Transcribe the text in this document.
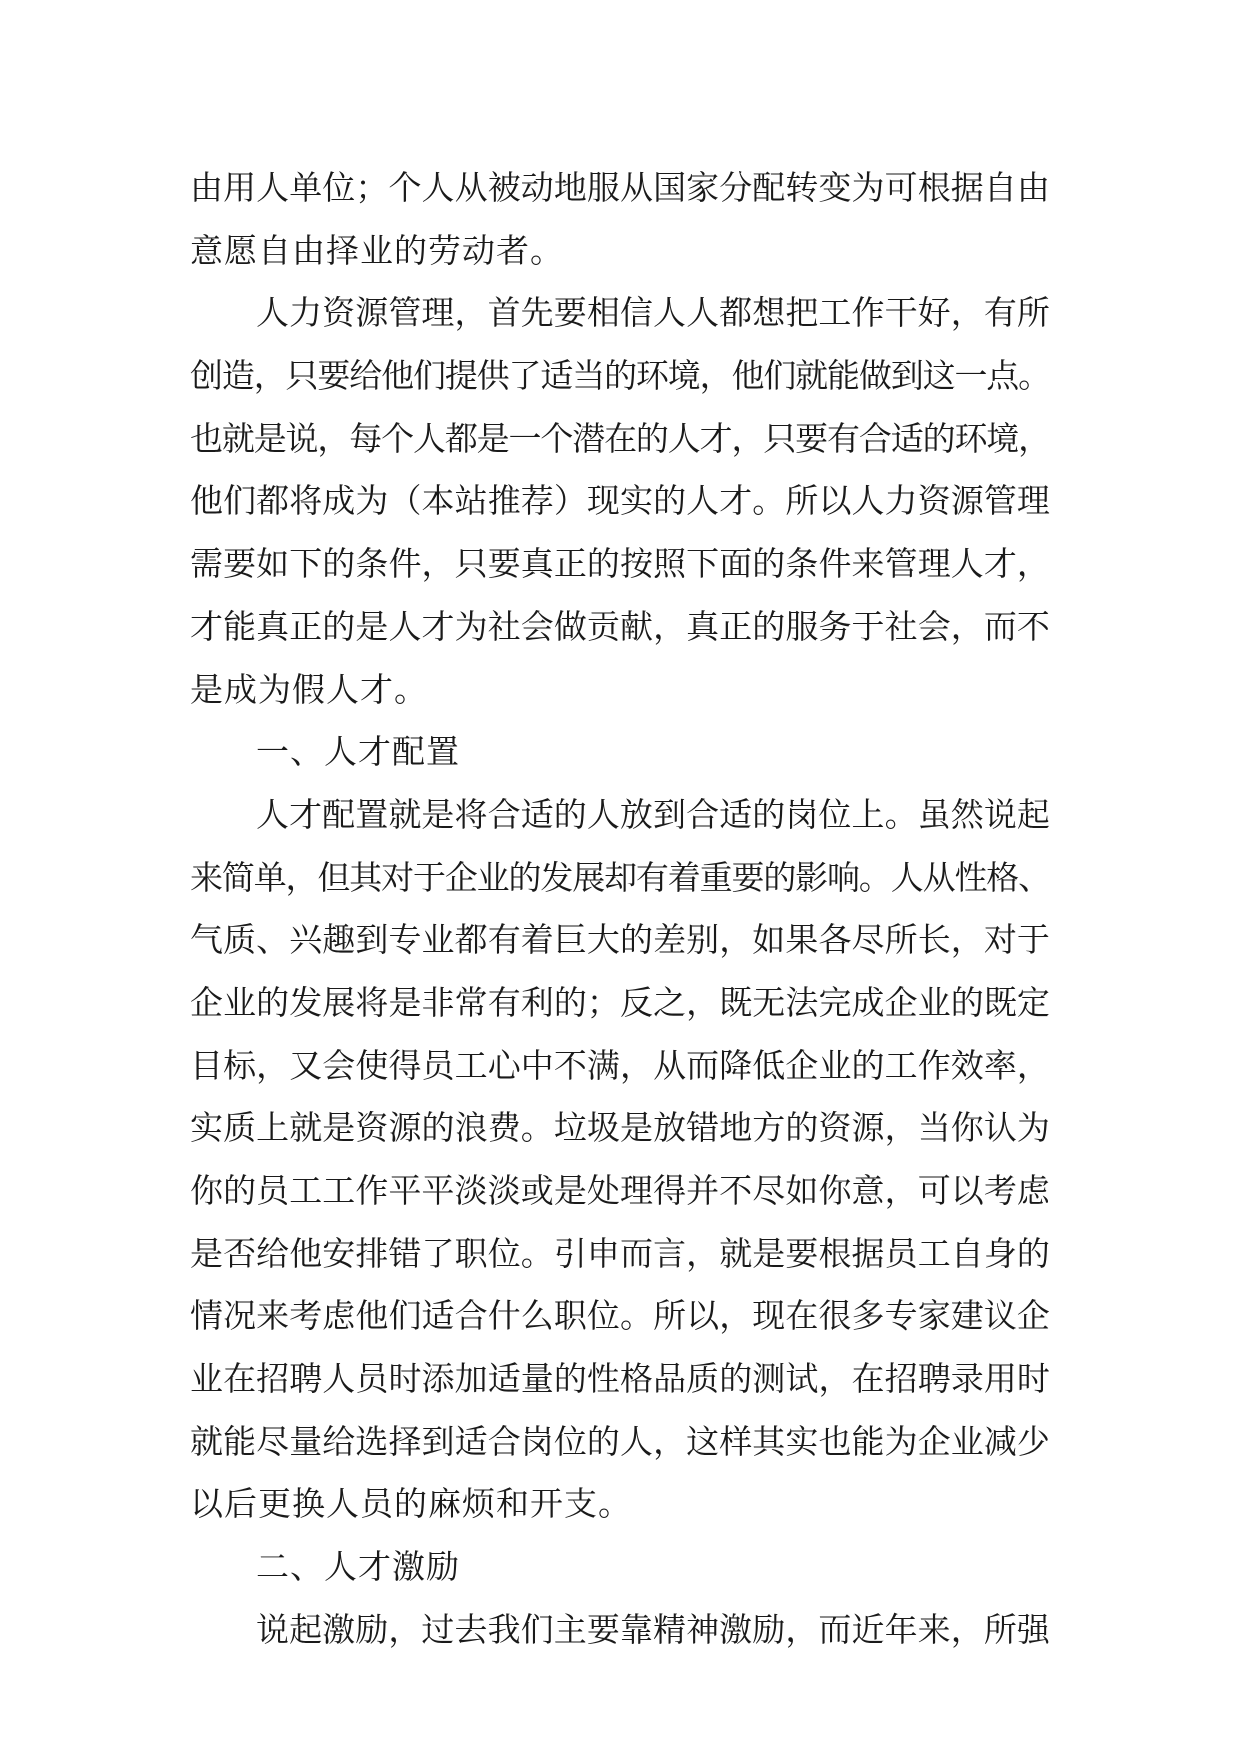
由用人单位；个人从被动地服从国家分配转变为可根据自由
意愿自由择业的劳动者。
人力资源管理，首先要相信人人都想把工作干好，有所
创造，只要给他们提供了适当的环境，他们就能做到这一点。
也就是说，每个人都是一个潜在的人才，只要有合适的环境，
他们都将成为（本站推荐）现实的人才。所以人力资源管理
需要如下的条件，只要真正的按照下面的条件来管理人才，
才能真正的是人才为社会做贡献，真正的服务于社会，而不
是成为假人才。
一、人才配置
人才配置就是将合适的人放到合适的岗位上。虽然说起
来简单，但其对于企业的发展却有着重要的影响。人从性格、
气质、兴趣到专业都有着巨大的差别，如果各尽所长，对于
企业的发展将是非常有利的；反之，既无法完成企业的既定
目标，又会使得员工心中不满，从而降低企业的工作效率，
实质上就是资源的浪费。垃圾是放错地方的资源，当你认为
你的员工工作平平淡淡或是处理得并不尽如你意，可以考虑
是否给他安排错了职位。引申而言，就是要根据员工自身的
情况来考虑他们适合什么职位。所以，现在很多专家建议企
业在招聘人员时添加适量的性格品质的测试，在招聘录用时
就能尽量给选择到适合岗位的人，这样其实也能为企业减少
以后更换人员的麻烦和开支。
二、人才激励
说起激励，过去我们主要靠精神激励，而近年来，所强
